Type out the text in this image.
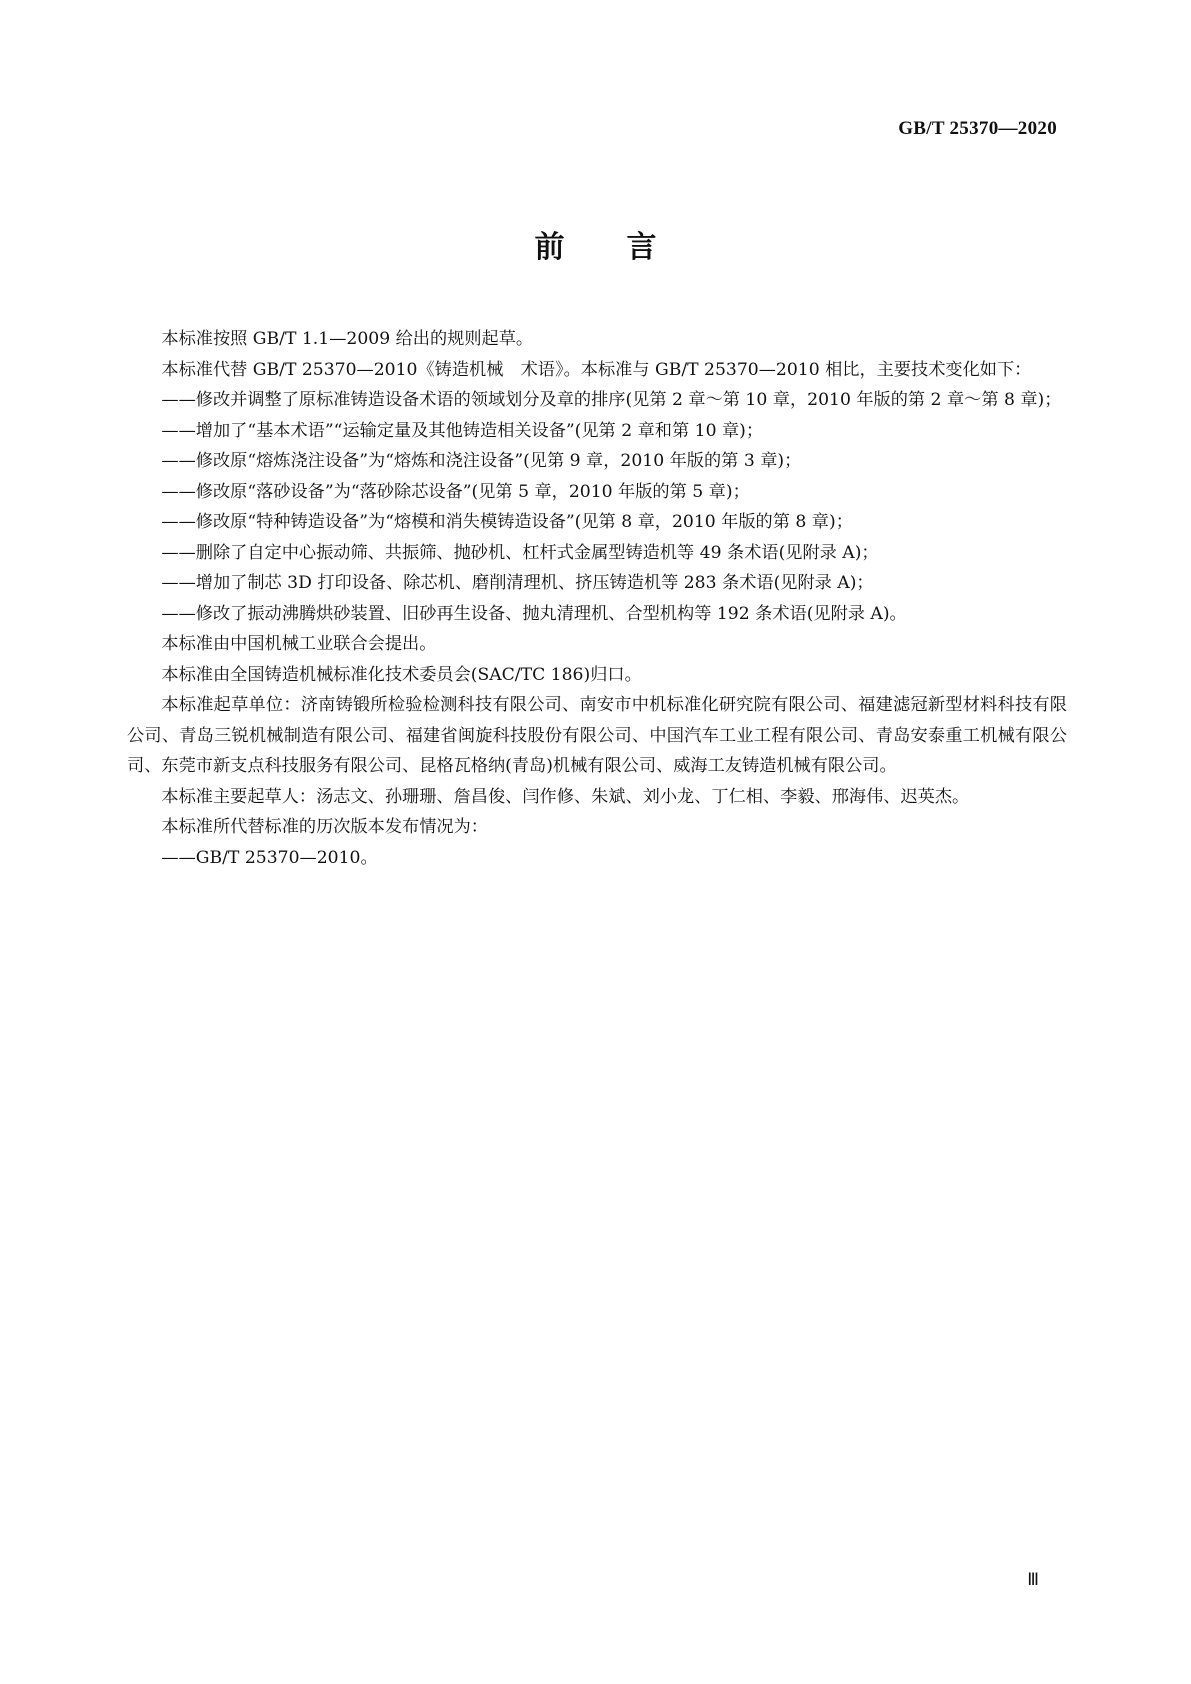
GB/T 25370—2020
前言

本标准按照 GB/T 1.1—2009 给出的规则起草。

本标准代替 GB/T 25370—2010《铸造机械　术语》。本标准与 GB/T 25370—2010 相比，主要技术变化如下：

——修改并调整了原标准铸造设备术语的领域划分及章的排序(见第 2 章～第 10 章，2010 年版的第 2 章～第 8 章)；

——增加了“基本术语”“运输定量及其他铸造相关设备”(见第 2 章和第 10 章)；

——修改原“熔炼浇注设备”为“熔炼和浇注设备”(见第 9 章，2010 年版的第 3 章)；

——修改原“落砂设备”为“落砂除芯设备”(见第 5 章，2010 年版的第 5 章)；

——修改原“特种铸造设备”为“熔模和消失模铸造设备”(见第 8 章，2010 年版的第 8 章)；

——删除了自定中心振动筛、共振筛、抛砂机、杠杆式金属型铸造机等 49 条术语(见附录 A)；

——增加了制芯 3D 打印设备、除芯机、磨削清理机、挤压铸造机等 283 条术语(见附录 A)；

——修改了振动沸腾烘砂装置、旧砂再生设备、抛丸清理机、合型机构等 192 条术语(见附录 A)。

本标准由中国机械工业联合会提出。

本标准由全国铸造机械标准化技术委员会(SAC/TC 186)归口。

本标准起草单位：济南铸锻所检验检测科技有限公司、南安市中机标准化研究院有限公司、福建滤冠新型材料科技有限公司、青岛三锐机械制造有限公司、福建省闽旋科技股份有限公司、中国汽车工业工程有限公司、青岛安泰重工机械有限公司、东莞市新支点科技服务有限公司、昆格瓦格纳(青岛)机械有限公司、威海工友铸造机械有限公司。

本标准主要起草人：汤志文、孙珊珊、詹昌俊、闫作修、朱斌、刘小龙、丁仁相、李毅、邢海伟、迟英杰。

本标准所代替标准的历次版本发布情况为：

——GB/T 25370—2010。

Ⅲ
